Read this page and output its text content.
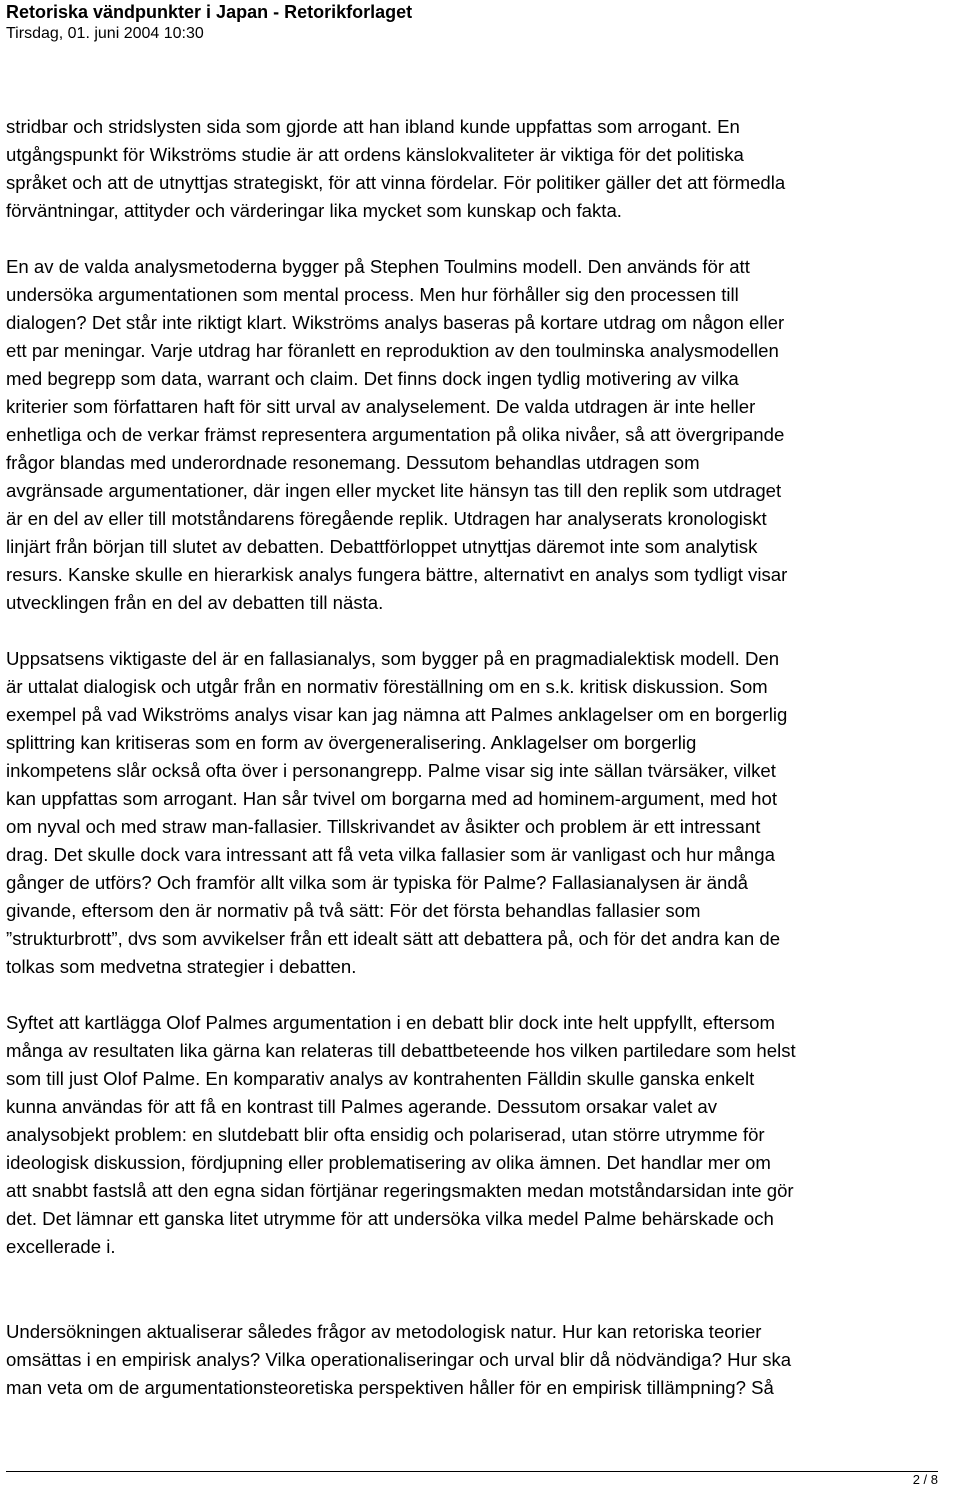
Retoriska vändpunkter i Japan - Retorikforlaget
Tirsdag, 01. juni 2004 10:30

stridbar och stridslysten sida som gjorde att han ibland kunde uppfattas som arrogant. En
utgångspunkt för Wikströms studie är att ordens känslokvaliteter är viktiga för det politiska
språket och att de utnyttjas strategiskt, för att vinna fördelar. För politiker gäller det att förmedla
förväntningar, attityder och värderingar lika mycket som kunskap och fakta.

En av de valda analysmetoderna bygger på Stephen Toulmins modell. Den används för att
undersöka argumentationen som mental process. Men hur förhåller sig den processen till
dialogen? Det står inte riktigt klart. Wikströms analys baseras på kortare utdrag om någon eller
ett par meningar. Varje utdrag har föranlett en reproduktion av den toulminska analysmodellen
med begrepp som data, warrant och claim. Det finns dock ingen tydlig motivering av vilka
kriterier som författaren haft för sitt urval av analyselement. De valda utdragen är inte heller
enhetliga och de verkar främst representera argumentation på olika nivåer, så att övergripande
frågor blandas med underordnade resonemang. Dessutom behandlas utdragen som
avgränsade argumentationer, där ingen eller mycket lite hänsyn tas till den replik som utdraget
är en del av eller till motståndarens föregående replik. Utdragen har analyserats kronologiskt
linjärt från början till slutet av debatten. Debattförloppet utnyttjas däremot inte som analytisk
resurs. Kanske skulle en hierarkisk analys fungera bättre, alternativt en analys som tydligt visar
utvecklingen från en del av debatten till nästa.

Uppsatsens viktigaste del är en fallasianalys, som bygger på en pragmadialektisk modell. Den
är uttalat dialogisk och utgår från en normativ föreställning om en s.k. kritisk diskussion. Som
exempel på vad Wikströms analys visar kan jag nämna att Palmes anklagelser om en borgerlig
splittring kan kritiseras som en form av övergeneralisering. Anklagelser om borgerlig
inkompetens slår också ofta över i personangrepp. Palme visar sig inte sällan tvärsäker, vilket
kan uppfattas som arrogant. Han sår tvivel om borgarna med ad hominem-argument, med hot
om nyval och med straw man-fallasier. Tillskrivandet av åsikter och problem är ett intressant
drag. Det skulle dock vara intressant att få veta vilka fallasier som är vanligast och hur många
gånger de utförs? Och framför allt vilka som är typiska för Palme? Fallasianalysen är ändå
givande, eftersom den är normativ på två sätt: För det första behandlas fallasier som
”strukturbrott”, dvs som avvikelser från ett idealt sätt att debattera på, och för det andra kan de
tolkas som medvetna strategier i debatten.

Syftet att kartlägga Olof Palmes argumentation i en debatt blir dock inte helt uppfyllt, eftersom
många av resultaten lika gärna kan relateras till debattbeteende hos vilken partiledare som helst
som till just Olof Palme. En komparativ analys av kontrahenten Fälldin skulle ganska enkelt
kunna användas för att få en kontrast till Palmes agerande. Dessutom orsakar valet av
analysobjekt problem: en slutdebatt blir ofta ensidig och polariserad, utan större utrymme för
ideologisk diskussion, fördjupning eller problematisering av olika ämnen. Det handlar mer om
att snabbt fastslå att den egna sidan förtjänar regeringsmakten medan motståndarsidan inte gör
det. Det lämnar ett ganska litet utrymme för att undersöka vilka medel Palme behärskade och
excellerade i.

Undersökningen aktualiserar således frågor av metodologisk natur. Hur kan retoriska teorier
omsättas i en empirisk analys? Vilka operationaliseringar och urval blir då nödvändiga? Hur ska
man veta om de argumentationsteoretiska perspektiven håller för en empirisk tillämpning? Så

2 / 8
